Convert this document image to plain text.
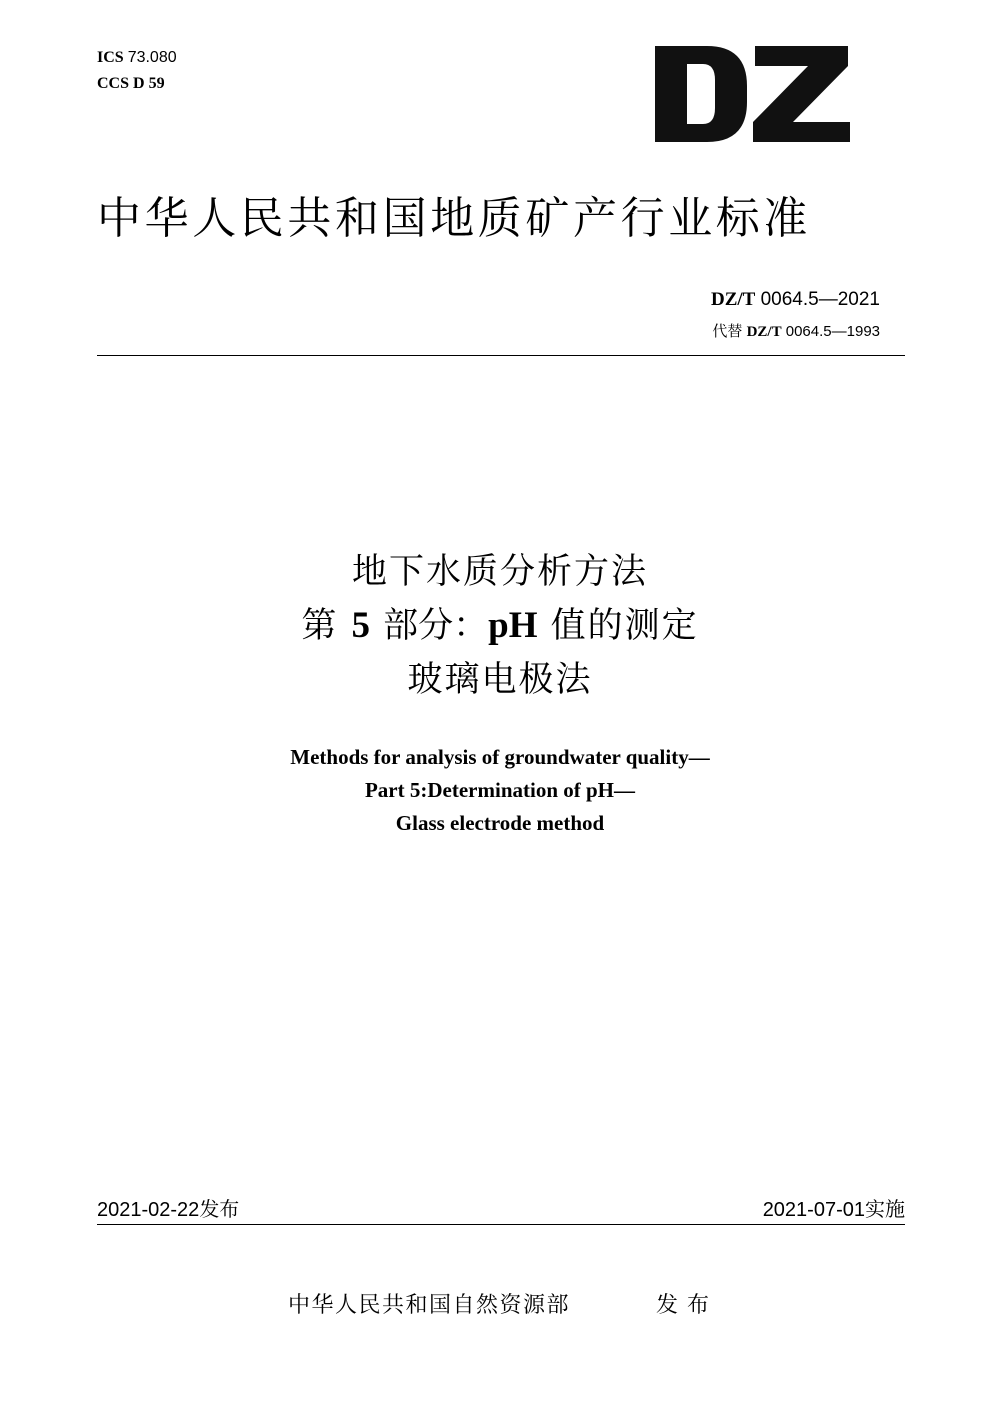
ICS 73.080
CCS D 59
中华人民共和国地质矿产行业标准
DZ/T 0064.5—2021
代替 DZ/T 0064.5—1993
地下水质分析方法
第 5 部分：pH 值的测定
玻璃电极法
Methods for analysis of groundwater quality—
Part 5:Determination of pH—
Glass electrode method
2021-02-22发布	2021-07-01实施
中华人民共和国自然资源部	发布
